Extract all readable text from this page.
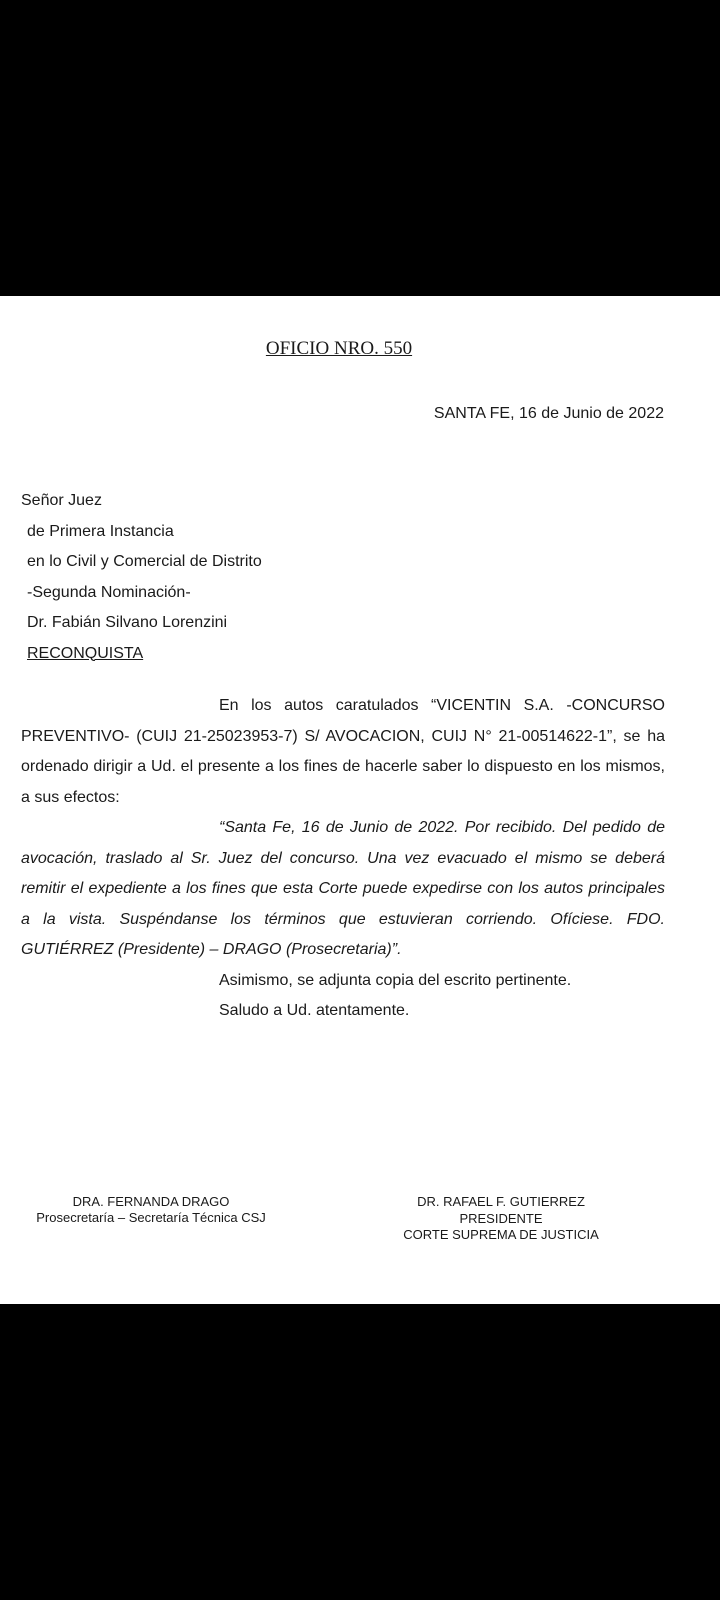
OFICIO NRO. 550
SANTA FE, 16 de Junio de 2022
Señor Juez
de Primera Instancia
en lo Civil y Comercial de Distrito
-Segunda Nominación-
Dr. Fabián Silvano Lorenzini
RECONQUISTA

En los autos caratulados “VICENTIN S.A. -CONCURSO PREVENTIVO- (CUIJ 21-25023953-7) S/ AVOCACION, CUIJ N° 21-00514622-1”, se ha ordenado dirigir a Ud. el presente a los fines de hacerle saber lo dispuesto en los mismos, a sus efectos:

“Santa Fe, 16 de Junio de 2022. Por recibido. Del pedido de avocación, traslado al Sr. Juez del concurso. Una vez evacuado el mismo se deberá remitir el expediente a los fines que esta Corte puede expedirse con los autos principales a la vista. Suspéndanse los términos que estuvieran corriendo. Ofíciese. FDO. GUTIÉRREZ (Presidente) – DRAGO (Prosecretaria)”.

Asimismo, se adjunta copia del escrito pertinente.

Saludo a Ud. atentamente.

DRA. FERNANDA DRAGO
Prosecretaría – Secretaría Técnica CSJ
DR. RAFAEL F. GUTIERREZ
PRESIDENTE
CORTE SUPREMA DE JUSTICIA
